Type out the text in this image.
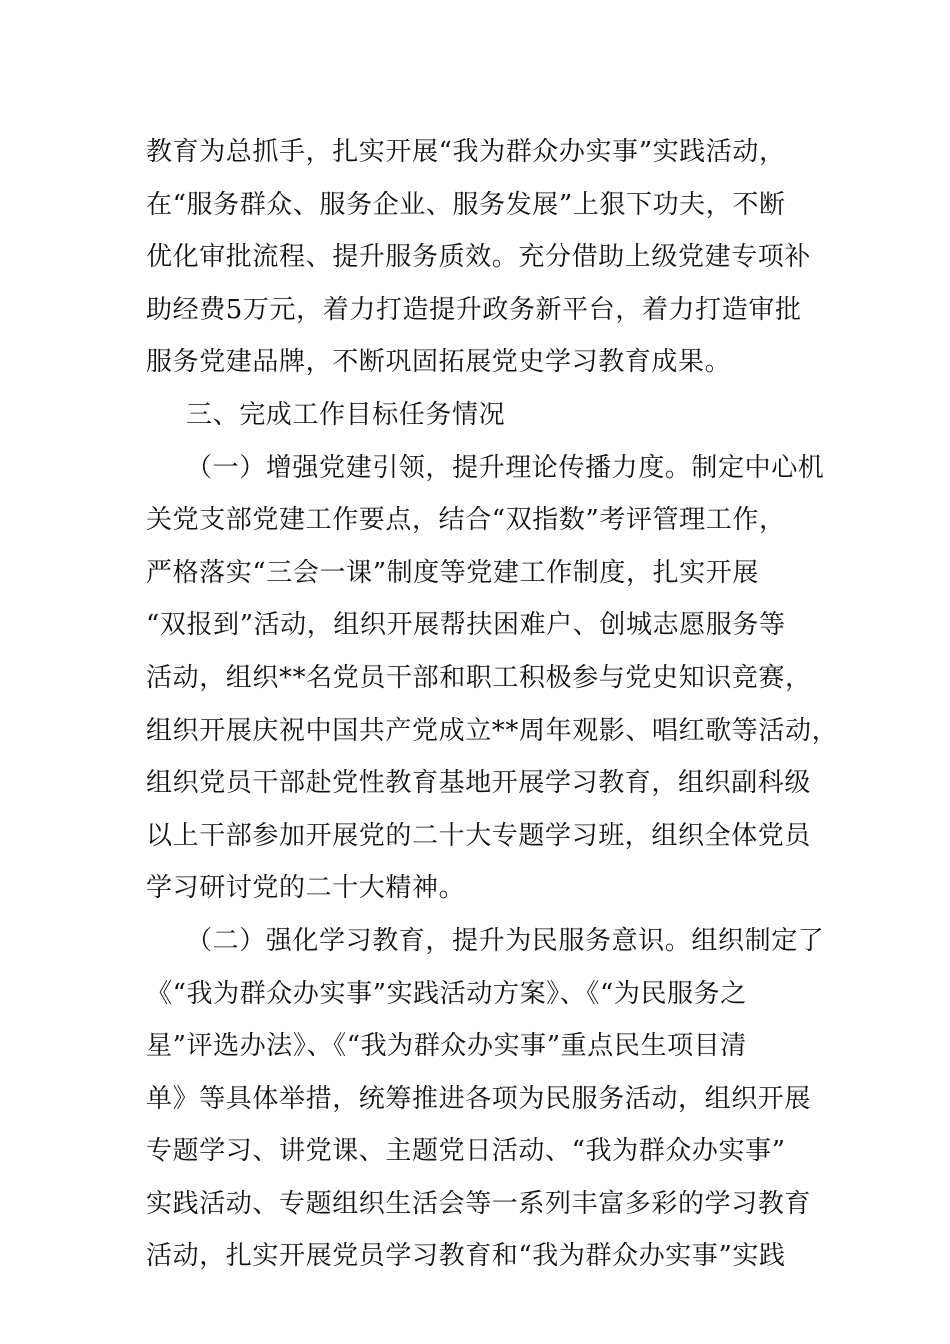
教育为总抓手，扎实开展“我为群众办实事”实践活动，
在“服务群众、服务企业、服务发展”上狠下功夫，不断
优化审批流程、提升服务质效。充分借助上级党建专项补
助经费5万元，着力打造提升政务新平台，着力打造审批
服务党建品牌，不断巩固拓展党史学习教育成果。
三、完成工作目标任务情况
（一）增强党建引领，提升理论传播力度。制定中心机
关党支部党建工作要点，结合“双指数”考评管理工作，
严格落实“三会一课”制度等党建工作制度，扎实开展
“双报到”活动，组织开展帮扶困难户、创城志愿服务等
活动，组织**名党员干部和职工积极参与党史知识竞赛，
组织开展庆祝中国共产党成立**周年观影、唱红歌等活动，
组织党员干部赴党性教育基地开展学习教育，组织副科级
以上干部参加开展党的二十大专题学习班，组织全体党员
学习研讨党的二十大精神。
（二）强化学习教育，提升为民服务意识。组织制定了
《“我为群众办实事”实践活动方案》、《“为民服务之
星”评选办法》、《“我为群众办实事”重点民生项目清
单》等具体举措，统筹推进各项为民服务活动，组织开展
专题学习、讲党课、主题党日活动、“我为群众办实事”
实践活动、专题组织生活会等一系列丰富多彩的学习教育
活动，扎实开展党员学习教育和“我为群众办实事”实践
